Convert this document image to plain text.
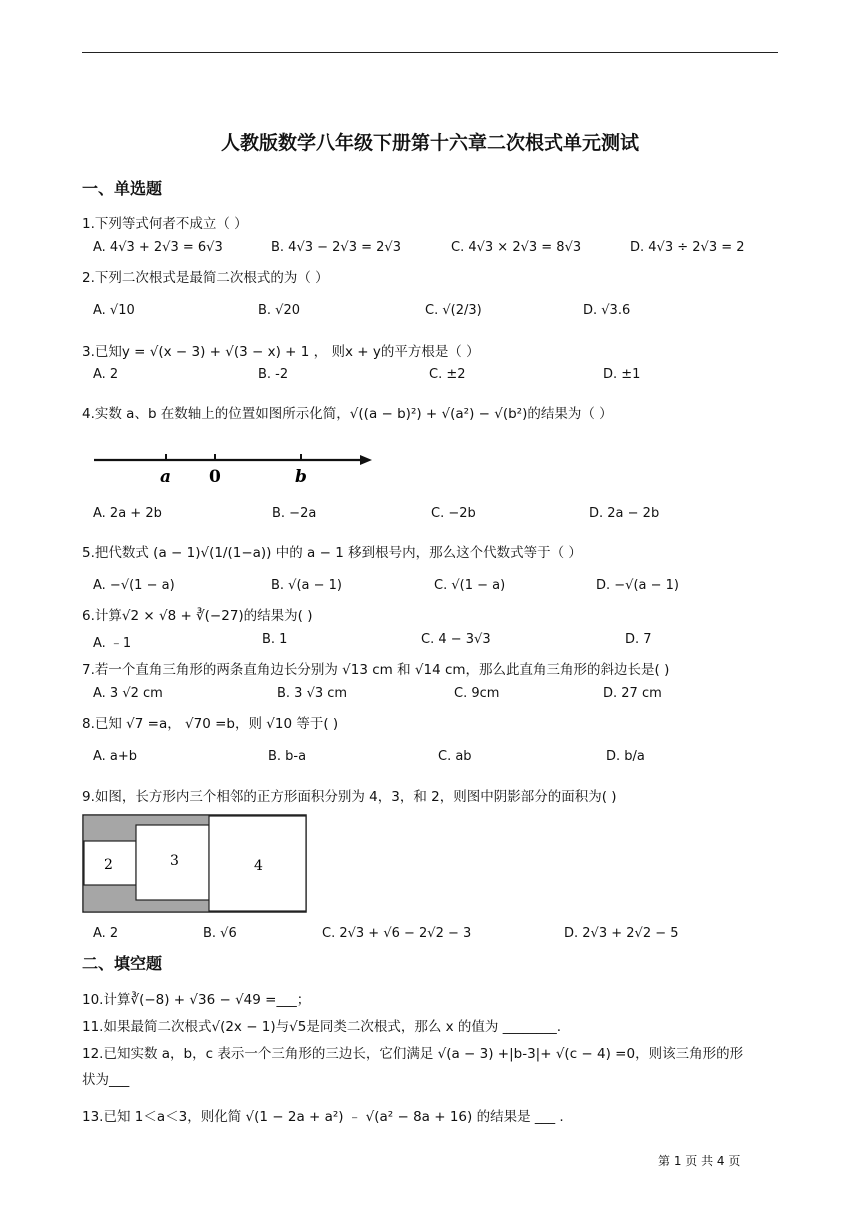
人教版数学八年级下册第十六章二次根式单元测试
一、单选题
1.下列等式何者不成立（ ）
A. 4√3 + 2√3 = 6√3	B. 4√3 − 2√3 = 2√3	C. 4√3 × 2√3 = 8√3	D. 4√3 ÷ 2√3 = 2
2.下列二次根式是最简二次根式的为（ ）
A. √10	B. √20	C. √(2/3)	D. √3.6
3.已知y = √(x − 3) + √(3 − x) + 1 ， 则x + y的平方根是（ ）
A. 2	B. -2	C. ±2	D. ±1
4.实数 a、b 在数轴上的位置如图所示化简，√((a − b)²) + √(a²) − √(b²)的结果为（ ）
a 0	b
A. 2a + 2b	B. −2a	C. −2b	D. 2a − 2b
5.把代数式 (a − 1)√(1/(1−a)) 中的 a − 1 移到根号内，那么这个代数式等于（ ）
A. −√(1 − a)	B. √(a − 1)	C. √(1 − a)	D. −√(a − 1)
6.计算√2 × √8 + ∛(−27)的结果为( )
A. ﹣1	B. 1	C. 4 − 3√3	D. 7
7.若一个直角三角形的两条直角边长分别为 √13 cm 和 √14 cm，那么此直角三角形的斜边长是( )
A. 3 √2 cm	B. 3 √3 cm	C. 9cm	D. 27 cm
8.已知 √7 =a， √70 =b，则 √10 等于( )
A. a+b	B. b-a	C. ab	D. b/a
9.如图，长方形内三个相邻的正方形面积分别为 4，3，和 2，则图中阴影部分的面积为( )
2	3	4
A. 2	B. √6	C. 2√3 + √6 − 2√2 − 3	D. 2√3 + 2√2 − 5
二、填空题
10.计算∛(−8) + √36 − √49 =___；
11.如果最简二次根式√(2x − 1)与√5是同类二次根式，那么 x 的值为 ________.
12.已知实数 a，b，c 表示一个三角形的三边长，它们满足 √(a − 3) +|b-3|+ √(c − 4) =0，则该三角形的形
状为___
13.已知 1＜a＜3，则化简 √(1 − 2a + a²) ﹣ √(a² − 8a + 16) 的结果是 ___ .
第 1 页 共 4 页
